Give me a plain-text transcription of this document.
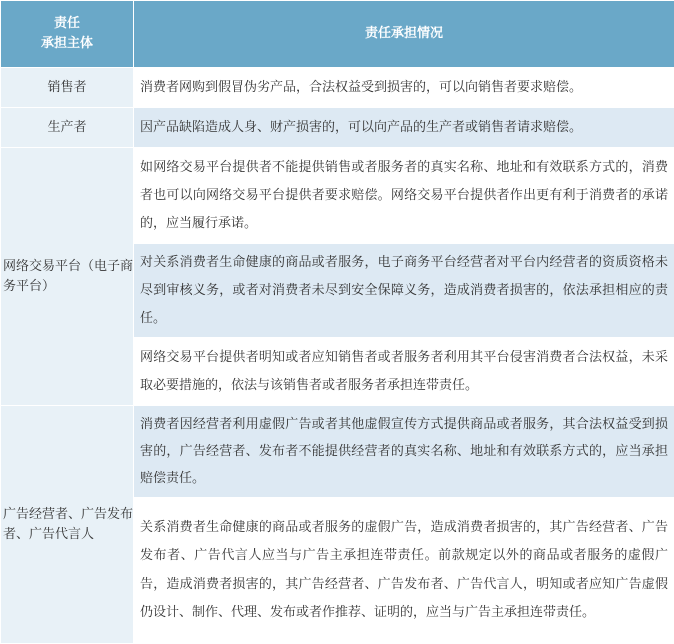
责任
承担主体	责任承担情况
销售者	消费者网购到假冒伪劣产品，合法权益受到损害的，可以向销售者要求赔偿。
生产者	因产品缺陷造成人身、财产损害的，可以向产品的生产者或销售者请求赔偿。
网络交易平台（电子商务平台）	如网络交易平台提供者不能提供销售或者服务者的真实名称、地址和有效联系方式的，消费者也可以向网络交易平台提供者要求赔偿。网络交易平台提供者作出更有利于消费者的承诺的，应当履行承诺。
	对关系消费者生命健康的商品或者服务，电子商务平台经营者对平台内经营者的资质资格未尽到审核义务，或者对消费者未尽到安全保障义务，造成消费者损害的，依法承担相应的责任。
	网络交易平台提供者明知或者应知销售者或者服务者利用其平台侵害消费者合法权益，未采取必要措施的，依法与该销售者或者服务者承担连带责任。
广告经营者、广告发布者、广告代言人	消费者因经营者利用虚假广告或者其他虚假宣传方式提供商品或者服务，其合法权益受到损害的，广告经营者、发布者不能提供经营者的真实名称、地址和有效联系方式的，应当承担赔偿责任。
	关系消费者生命健康的商品或者服务的虚假广告，造成消费者损害的，其广告经营者、广告发布者、广告代言人应当与广告主承担连带责任。前款规定以外的商品或者服务的虚假广告，造成消费者损害的，其广告经营者、广告发布者、广告代言人，明知或者应知广告虚假仍设计、制作、代理、发布或者作推荐、证明的，应当与广告主承担连带责任。
